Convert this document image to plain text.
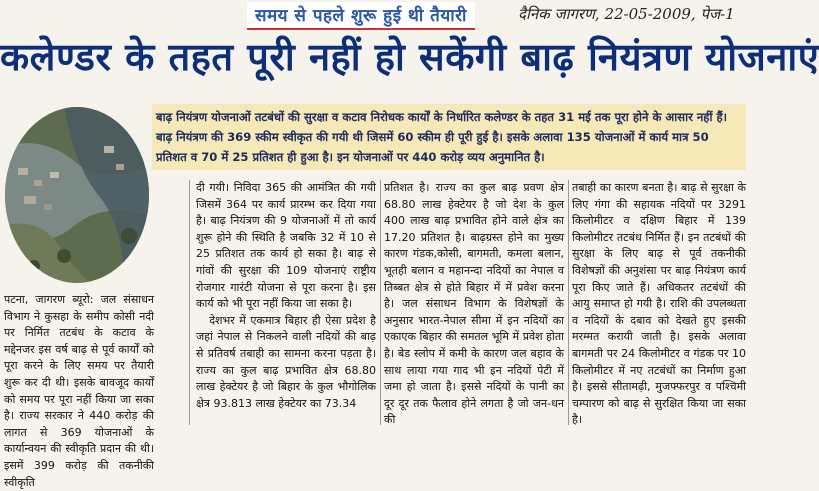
समय से पहले शुरू हुई थी तैयारी	दैनिक जागरण, 22-05-2009, पेज-1
कलेण्डर के तहत पूरी नहीं हो सकेंगी बाढ़ नियंत्रण योजनाएं
बाढ़ नियंत्रण योजनाओं तटबंधों की सुरक्षा व कटाव निरोधक कार्यों के निर्धारित कलेण्डर के तहत 31 मई तक पूरा होने के आसार नहीं हैं। बाढ़ नियंत्रण की 369 स्कीम स्वीकृत की गयी थी जिसमें 60 स्कीम ही पूरी हुई है। इसके अलावा 135 योजनाओं में कार्य मात्र 50 प्रतिशत व 70 में 25 प्रतिशत ही हुआ है। इन योजनाओं पर 440 करोड़ व्यय अनुमानित है।

पटना, जागरण ब्यूरो: जल संसाधन विभाग ने कुसहा के समीप कोसी नदी पर निर्मित तटबंध के कटाव के मद्देनजर इस वर्ष बाढ़ से पूर्व कार्यों को पूरा करने के लिए समय पर तैयारी शुरू कर दी थी। इसके बावजूद कार्यों को समय पर पूरा नहीं किया जा सका है। राज्य सरकार ने 440 करोड़ की लागत से 369 योजनाओं के कार्यान्वयन की स्वीकृति प्रदान की थी। इसमें 399 करोड़ की तकनीकी स्वीकृति

दी गयी। निविदा 365 की आमंत्रित की गयी जिसमें 364 पर कार्य प्रारम्भ कर दिया गया है। बाढ़ नियंत्रण की 9 योजनाओं में तो कार्य शुरू होने की स्थिति है जबकि 32 में 10 से 25 प्रतिशत तक कार्य हो सका है। बाढ़ से गांवों की सुरक्षा की 109 योजनाएं राष्ट्रीय रोजगार गारंटी योजना से पूरा करना है। इस कार्य को भी पूरा नहीं किया जा सका है।

देशभर में एकमात्र बिहार ही ऐसा प्रदेश है जहां नेपाल से निकलने वाली नदियों की बाढ़ से प्रतिवर्ष तबाही का सामना करना पड़ता है। राज्य का कुल बाढ़ प्रभावित क्षेत्र 68.80 लाख हेक्टेयर है जो बिहार के कुल भौगोलिक क्षेत्र 93.813 लाख हेक्टेयर का 73.34

प्रतिशत है। राज्य का कुल बाढ़ प्रवण क्षेत्र 68.80 लाख हेक्टेयर है जो देश के कुल 400 लाख बाढ़ प्रभावित होने वाले क्षेत्र का 17.20 प्रतिशत है। बाढ़ग्रस्त होने का मुख्य कारण गंडक,कोसी, बागमती, कमला बलान, भूतही बलान व महानन्दा नदियों का नेपाल व तिब्बत क्षेत्र से होते बिहार में में प्रवेश करना है। जल संसाधन विभाग के विशेषज्ञों के अनुसार भारत-नेपाल सीमा में इन नदियों का एकाएक बिहार की समतल भूमि में प्रवेश होता है। बेड स्लोप में कमी के कारण जल बहाव के साथ लाया गया गाद भी इन नदियों पेटी में जमा हो जाता है। इससे नदियों के पानी का दूर दूर तक फैलाव होने लगता है जो जन-धन की

तबाही का कारण बनता है। बाढ़ से सुरक्षा के लिए गंगा की सहायक नदियों पर 3291 किलोमीटर व दक्षिण बिहार में 139 किलोमीटर तटबंध निर्मित हैं। इन तटबंधों की सुरक्षा के लिए बाढ़ से पूर्व तकनीकी विशेषज्ञों की अनुशंसा पर बाढ़ नियंत्रण कार्य पूरा किए जाते हैं। अधिकतर तटबंधों की आयु समाप्त हो गयी है। राशि की उपलब्धता व नदियों के दबाव को देखते हुए इसकी मरम्मत करायी जाती है। इसके अलावा बागमती पर 24 किलोमीटर व गंडक पर 10 किलोमीटर में नए तटबंधों का निर्माण हुआ है। इससे सीतामढ़ी, मुजफ्फरपुर व पश्चिमी चम्पारण को बाढ़ से सुरक्षित किया जा सका है।
